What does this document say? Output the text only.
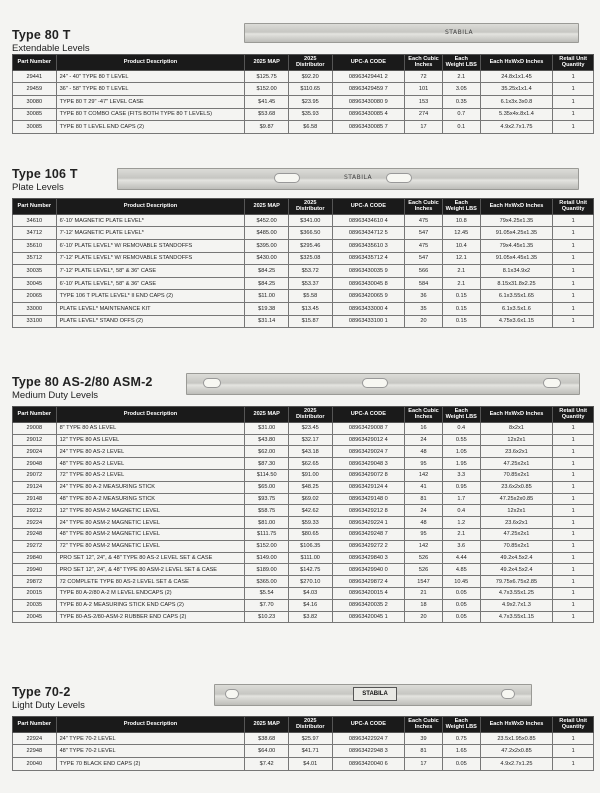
Type 80 T
Extendable Levels
STABILA
Part Number	Product Description	2025 MAP	2025 Distributor	UPC-A CODE	Each Cubic Inches	Each Weight LBS	Each HxWxD Inches	Retail Unit Quantity
29441	24" - 40" TYPE 80 T LEVEL	$125.75	$92.20	08963429441 2	72	2.1	24.8x1x1.45	1
29459	36" - 58" TYPE 80 T LEVEL	$152.00	$110.65	08963429459 7	101	3.05	35.25x1x1.4	1
30080	TYPE 80 T 29" -47" LEVEL CASE	$41.45	$23.95	08963430080 9	153	0.35	6.1x3x.3x0.8	1
30085	TYPE 80 T COMBO CASE (FITS BOTH TYPE 80 T LEVELS)	$53.68	$35.93	08963430085 4	274	0.7	5.35x4x.8x1.4	1
30085	TYPE 80 T LEVEL END CAPS (2)	$9.87	$6.58	08963430085 7	17	0.1	4.9x2.7x1.75	1
Type 106 T
Plate Levels
STABILA
Part Number	Product Description	2025 MAP	2025 Distributor	UPC-A CODE	Each Cubic Inches	Each Weight LBS	Each HxWxD Inches	Retail Unit Quantity
34610	6'-10' MAGNETIC PLATE LEVEL*	$452.00	$341.00	08963434610 4	475	10.8	79x4.25x1.35	1
34712	7'-12' MAGNETIC PLATE LEVEL*	$485.00	$366.50	08963434712 5	547	12.45	91.05x4.25x1.35	1
35610	6'-10' PLATE LEVEL* W/ REMOVABLE STANDOFFS	$395.00	$295.46	08963435610 3	475	10.4	79x4.45x1.35	1
35712	7'-12' PLATE LEVEL* W/ REMOVABLE STANDOFFS	$430.00	$325.08	08963435712 4	547	12.1	91.05x4.45x1.35	1
30035	7'-12' PLATE LEVEL*, 58" & 36" CASE	$84.25	$53.72	08963430035 9	566	2.1	8.1x34.9x2	1
30045	6'-10' PLATE LEVEL*, 58" & 36" CASE	$84.25	$53.37	08963430045 8	584	2.1	8.15x31.8x2.25	1
20065	TYPE 106 T PLATE LEVEL* II END CAPS (2)	$11.00	$5.58	08963420065 9	36	0.15	6.1x3.55x1.65	1
33000	PLATE LEVEL* MAINTENANCE KIT	$19.38	$13.45	08963433000 4	35	0.15	6.1x3.5x1.6	1
33100	PLATE LEVEL* STAND OFFS (2)	$31.14	$15.87	08963433100 1	20	0.15	4.75x3.6x1.15	1
Type 80 AS-2/80 ASM-2
Medium Duty Levels
Part Number	Product Description	2025 MAP	2025 Distributor	UPC-A CODE	Each Cubic Inches	Each Weight LBS	Each HxWxD Inches	Retail Unit Quantity
29008	8" TYPE 80 AS LEVEL	$31.00	$23.45	08963429008 7	16	0.4	8x2x1	1
29012	12" TYPE 80 AS LEVEL	$43.80	$32.17	08963429012 4	24	0.55	12x2x1	1
29024	24" TYPE 80 AS-2 LEVEL	$62.00	$43.18	08963429024 7	48	1.05	23.6x2x1	1
29048	48" TYPE 80 AS-2 LEVEL	$87.30	$62.65	08963429048 3	95	1.95	47.25x2x1	1
29072	72" TYPE 80 AS-2 LEVEL	$114.50	$91.00	08963429072 8	142	3.3	70.85x2x1	1
29124	24" TYPE 80 A-2 MEASURING STICK	$65.00	$48.25	08963429124 4	41	0.95	23.6x2x0.85	1
29148	48" TYPE 80 A-2 MEASURING STICK	$93.75	$69.02	08963429148 0	81	1.7	47.25x2x0.85	1
29212	12" TYPE 80 ASM-2 MAGNETIC LEVEL	$58.75	$42.62	08963429212 8	24	0.4	12x2x1	1
29224	24" TYPE 80 ASM-2 MAGNETIC LEVEL	$81.00	$59.33	08963429224 1	48	1.2	23.6x2x1	1
29248	48" TYPE 80 ASM-2 MAGNETIC LEVEL	$111.75	$80.65	08963429248 7	95	2.1	47.25x2x1	1
29272	72" TYPE 80 ASM-2 MAGNETIC LEVEL	$152.00	$106.35	08963429272 2	142	3.6	70.85x2x1	1
29840	PRO SET 12", 24", & 48" TYPE 80 AS-2 LEVEL SET & CASE	$149.00	$111.00	08963429840 3	526	4.44	49.2x4.5x2.4	1
29940	PRO SET 12", 24", & 48" TYPE 80 ASM-2 LEVEL SET & CASE	$189.00	$142.75	08963429940 0	526	4.85	49.2x4.5x2.4	1
29872	72 COMPLETE TYPE 80 AS-2 LEVEL SET & CASE	$365.00	$270.10	08963429872 4	1547	10.45	79.75x6.75x2.85	1
20015	TYPE 80 A-2/80 A-2 M LEVEL ENDCAPS (2)	$5.54	$4.03	08963420015 4	21	0.05	4.7x3.55x1.25	1
20035	TYPE 80 A-2 MEASURING STICK END CAPS (2)	$7.70	$4.16	08963420035 2	18	0.05	4.9x2.7x1.3	1
20045	TYPE 80-AS-2/80-ASM-2 RUBBER END CAPS (2)	$10.23	$3.82	08963420045 1	20	0.05	4.7x3.55x1.15	1
Type 70-2
Light Duty Levels
STABILA
Part Number	Product Description	2025 MAP	2025 Distributor	UPC-A CODE	Each Cubic Inches	Each Weight LBS	Each HxWxD Inches	Retail Unit Quantity
22924	24" TYPE 70-2 LEVEL	$38.68	$25.97	08963422924 7	39	0.75	23.5x1.95x0.85	1
22948	48" TYPE 70-2 LEVEL	$64.00	$41.71	08963422948 3	81	1.65	47.2x2x0.85	1
20040	TYPE 70 BLACK END CAPS (2)	$7.42	$4.01	08963420040 6	17	0.05	4.9x2.7x1.25	1
